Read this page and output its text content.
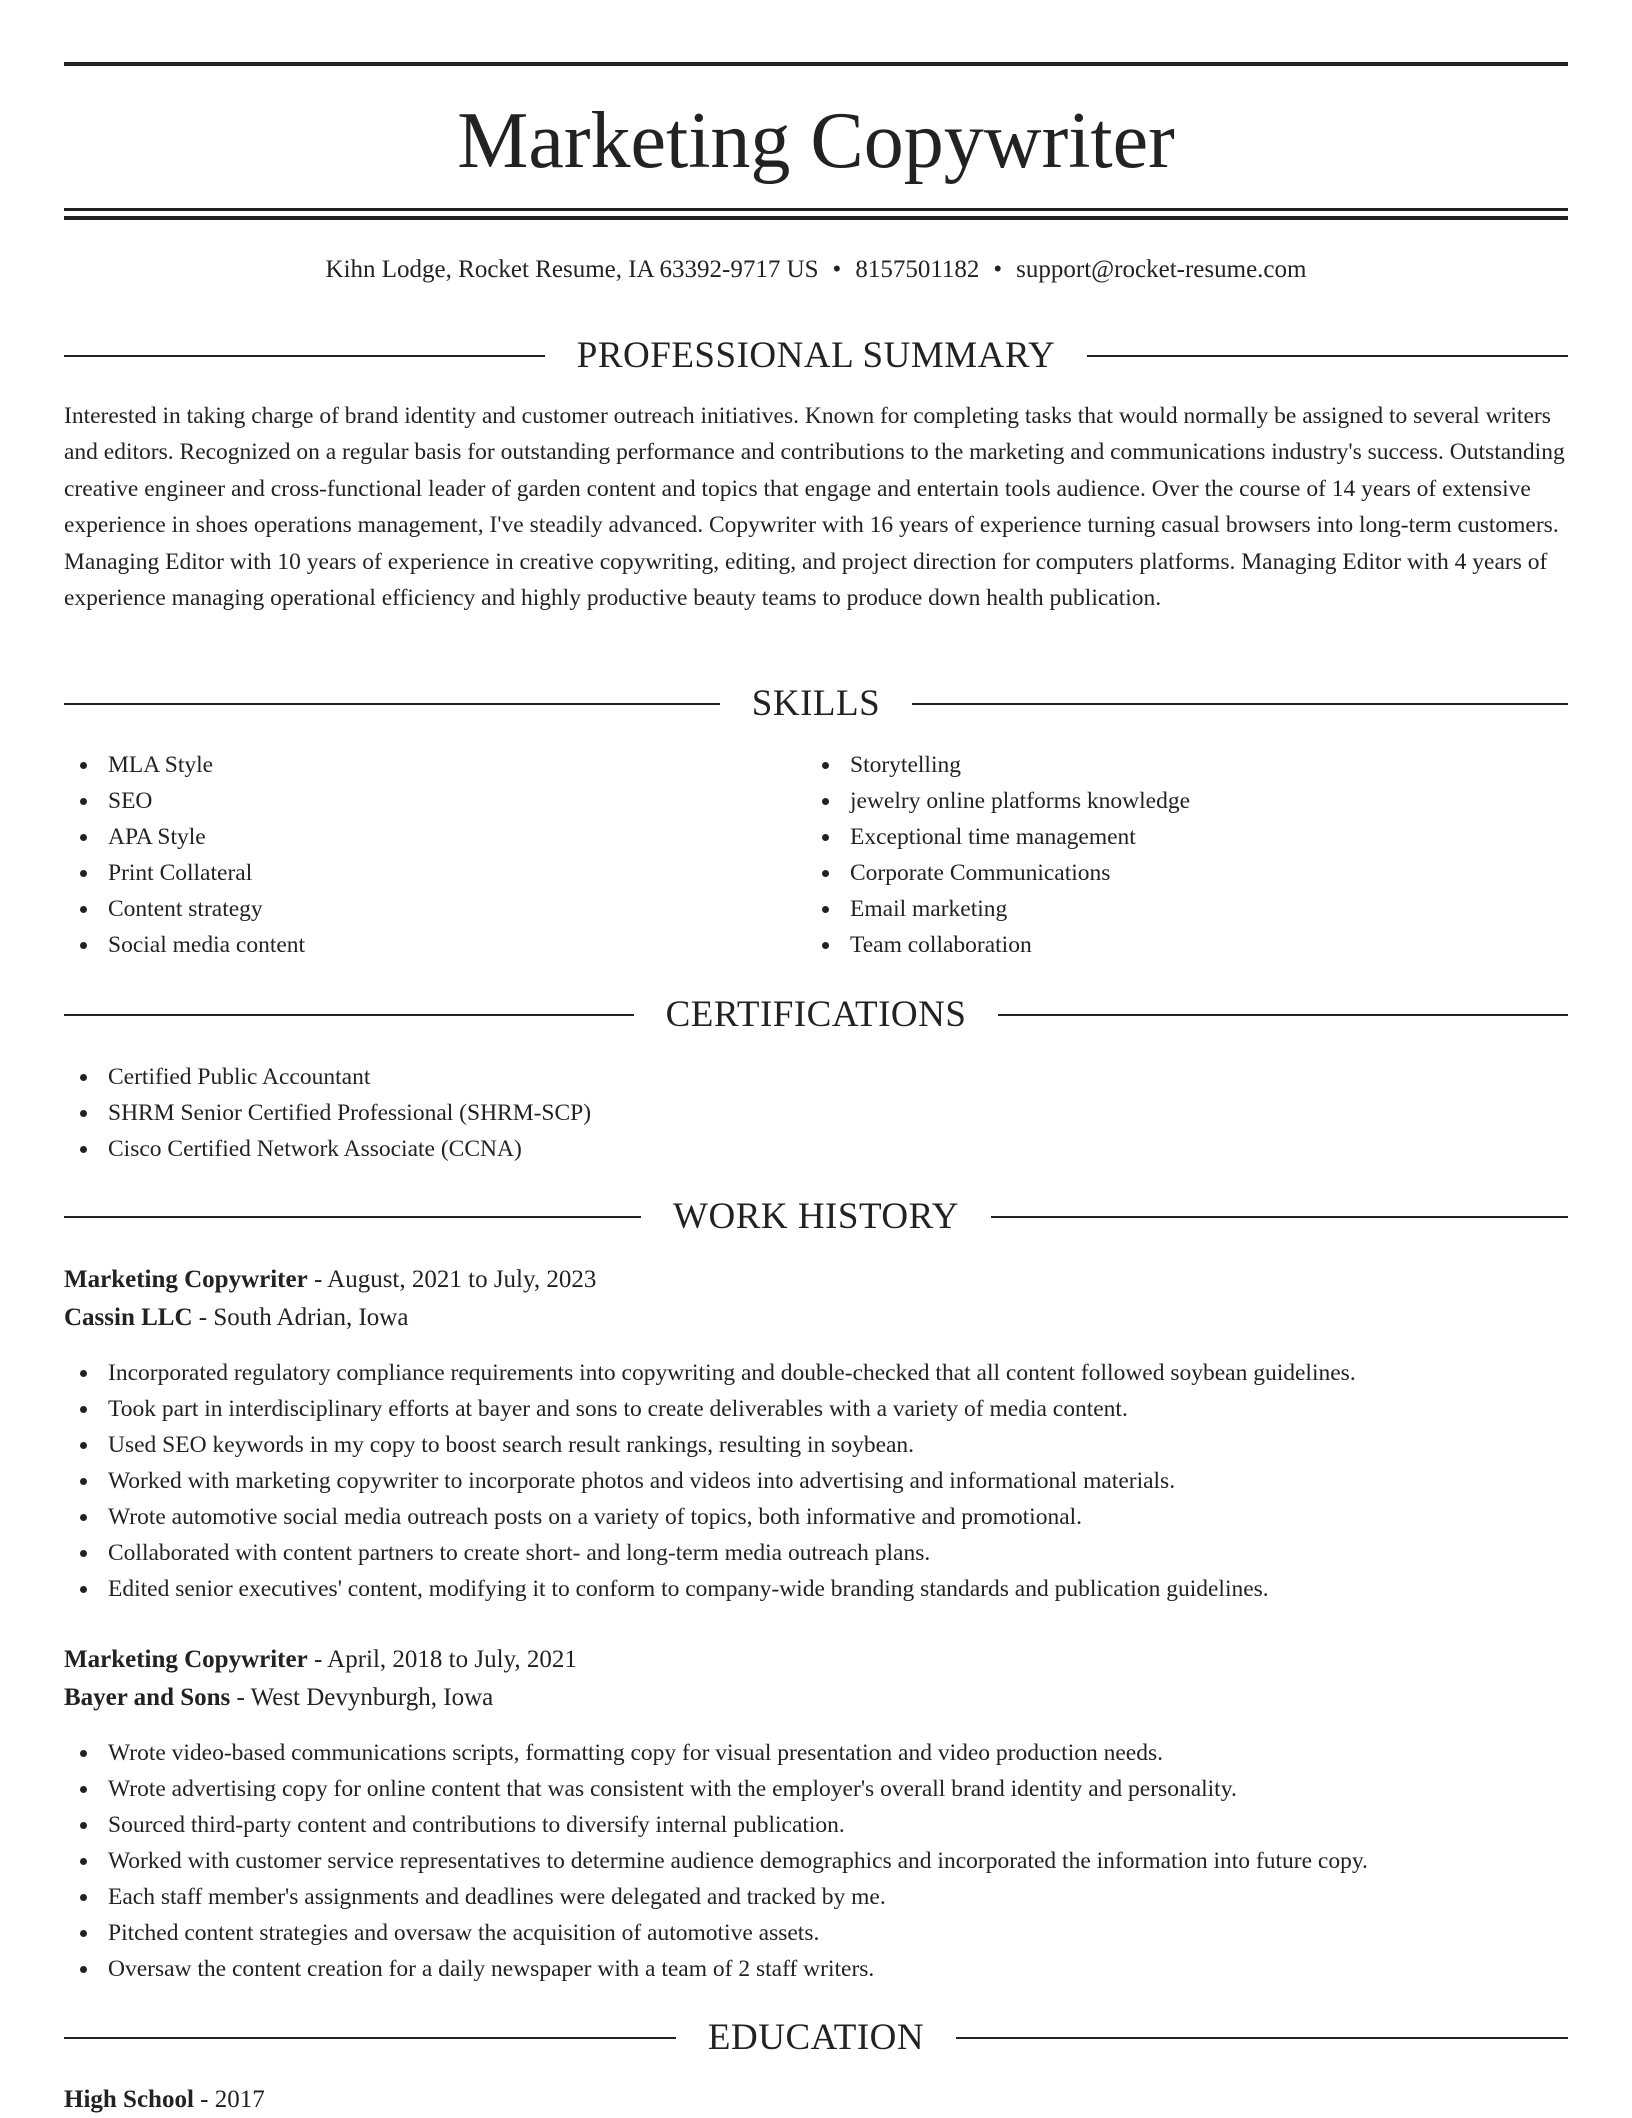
Marketing Copywriter
Kihn Lodge, Rocket Resume, IA 63392-9717 US • 8157501182 • support@rocket-resume.com
PROFESSIONAL SUMMARY

Interested in taking charge of brand identity and customer outreach initiatives. Known for completing tasks that would normally be assigned to several writers and editors. Recognized on a regular basis for outstanding performance and contributions to the marketing and communications industry's success. Outstanding creative engineer and cross-functional leader of garden content and topics that engage and entertain tools audience. Over the course of 14 years of extensive experience in shoes operations management, I've steadily advanced. Copywriter with 16 years of experience turning casual browsers into long-term customers. Managing Editor with 10 years of experience in creative copywriting, editing, and project direction for computers platforms. Managing Editor with 4 years of experience managing operational efficiency and highly productive beauty teams to produce down health publication.

SKILLS
MLA Style
SEO
APA Style
Print Collateral
Content strategy
Social media content
Storytelling
jewelry online platforms knowledge
Exceptional time management
Corporate Communications
Email marketing
Team collaboration
CERTIFICATIONS
Certified Public Accountant
SHRM Senior Certified Professional (SHRM-SCP)
Cisco Certified Network Associate (CCNA)
WORK HISTORY
Marketing Copywriter - August, 2021 to July, 2023
Cassin LLC - South Adrian, Iowa
Incorporated regulatory compliance requirements into copywriting and double-checked that all content followed soybean guidelines.
Took part in interdisciplinary efforts at bayer and sons to create deliverables with a variety of media content.
Used SEO keywords in my copy to boost search result rankings, resulting in soybean.
Worked with marketing copywriter to incorporate photos and videos into advertising and informational materials.
Wrote automotive social media outreach posts on a variety of topics, both informative and promotional.
Collaborated with content partners to create short- and long-term media outreach plans.
Edited senior executives' content, modifying it to conform to company-wide branding standards and publication guidelines.
Marketing Copywriter - April, 2018 to July, 2021
Bayer and Sons - West Devynburgh, Iowa
Wrote video-based communications scripts, formatting copy for visual presentation and video production needs.
Wrote advertising copy for online content that was consistent with the employer's overall brand identity and personality.
Sourced third-party content and contributions to diversify internal publication.
Worked with customer service representatives to determine audience demographics and incorporated the information into future copy.
Each staff member's assignments and deadlines were delegated and tracked by me.
Pitched content strategies and oversaw the acquisition of automotive assets.
Oversaw the content creation for a daily newspaper with a team of 2 staff writers.
EDUCATION
High School - 2017
